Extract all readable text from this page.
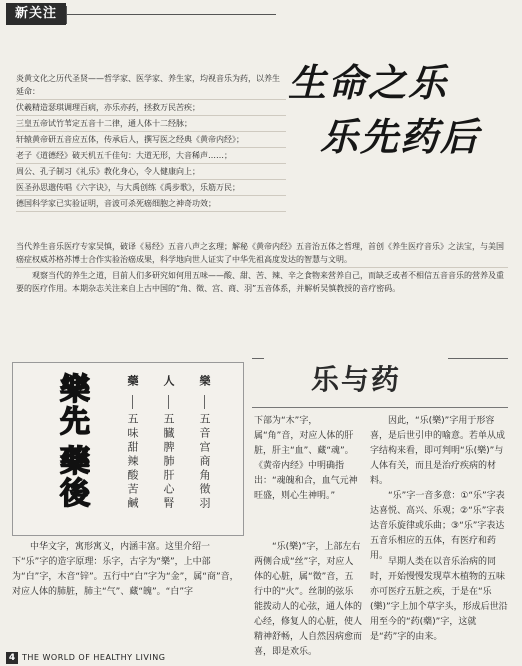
新关注
生命之乐
乐先药后

炎黄文化之历代圣贤——哲学家、医学家、养生家，均视音乐为药，以养生延命：

伏羲精造瑟琪调理百病，亦乐亦药，拯救万民苦疾；

三皇五帝试竹苇定五音十二律，通人体十二经脉；

轩辕黄帝研五音应五体，传承后人，撰写医之经典《黄帝内经》；

老子《道德经》破天机五千佳句：大道无形，大音稀声……；

周公、孔子制习《礼乐》教化身心，令人健康向上；

医圣孙思邈传唱《六字诀》，与大禹创练《禹步歌》，乐筋万民；

德国科学家已实验证明，音波可杀死癌细胞之神奇功效；

当代养生音乐医疗专家吴慎，破译《易经》五音八声之玄理；解秘《黄帝内经》五音治五体之哲理，首创《养生医疗音乐》之法宝，与美国癌症权威苏格苏博士合作实验治癌成果，科学地向世人证实了中华先祖高度发达的智慧与文明。

观察当代的养生之道，目前人们多研究如何用五味——酸、甜、苦、辣、辛之食物来营养自己，而缺乏或者不相信五音音乐的营养及重要的医疗作用。本期杂志关注来自上古中国的“角、徵、宫、商、羽”五音体系，并解析吴慎教授的音疗密码。

乐与药
樂先
藥後
藥
五味甜辣酸苦鹹
人
五臓脾肺肝心腎
樂
五音宫商角徵羽

中华文字，寓形寓义，内涵丰富。这里介绍一下“乐”字的造字原理：乐字，古字为“樂”，上中部为“白”字，木音“锌”。五行中“白”字为“金”，属“商”音，对应人体的肺脏，肺主“气”、藏“魄”。“白”字

下部为“木”字，属“角”音，对应人体的肝脏，肝主“血”、藏“魂”。《黄帝内经》中明确指出：“魂魄和合，血气元神旺盛，则心生神明。”

“乐(樂)”字，上部左右两侧合成“丝”字，对应人体的心脏，属“徵”音，五行中的“火”。丝制的弦乐能拨动人的心弦，通人体的心经，修复人的心脏，使人精神舒畅，人自然因病愈而喜，即是欢乐。

因此，“乐(樂)”字用于形容喜，是后世引申的喻意。若单从成字结构来看，即可判明“乐(樂)”与人体有关，而且是治疗疾病的材料。

“乐”字一音多意：①“乐”字表达喜悦、高兴、乐观；②“乐”字表达音乐旋律或乐曲；③“乐”字表达五音乐相应的五体，有医疗和药用。

早期人类在以音乐治病的同时，开始慢慢发现草木植物的五味亦可医疗五脏之疾，于是在“乐(樂)”字上加个草字头，形成后世沿用至今的“药(藥)”字，这就是“药”字的由来。

4 THE WORLD OF HEALTHY LIVING
